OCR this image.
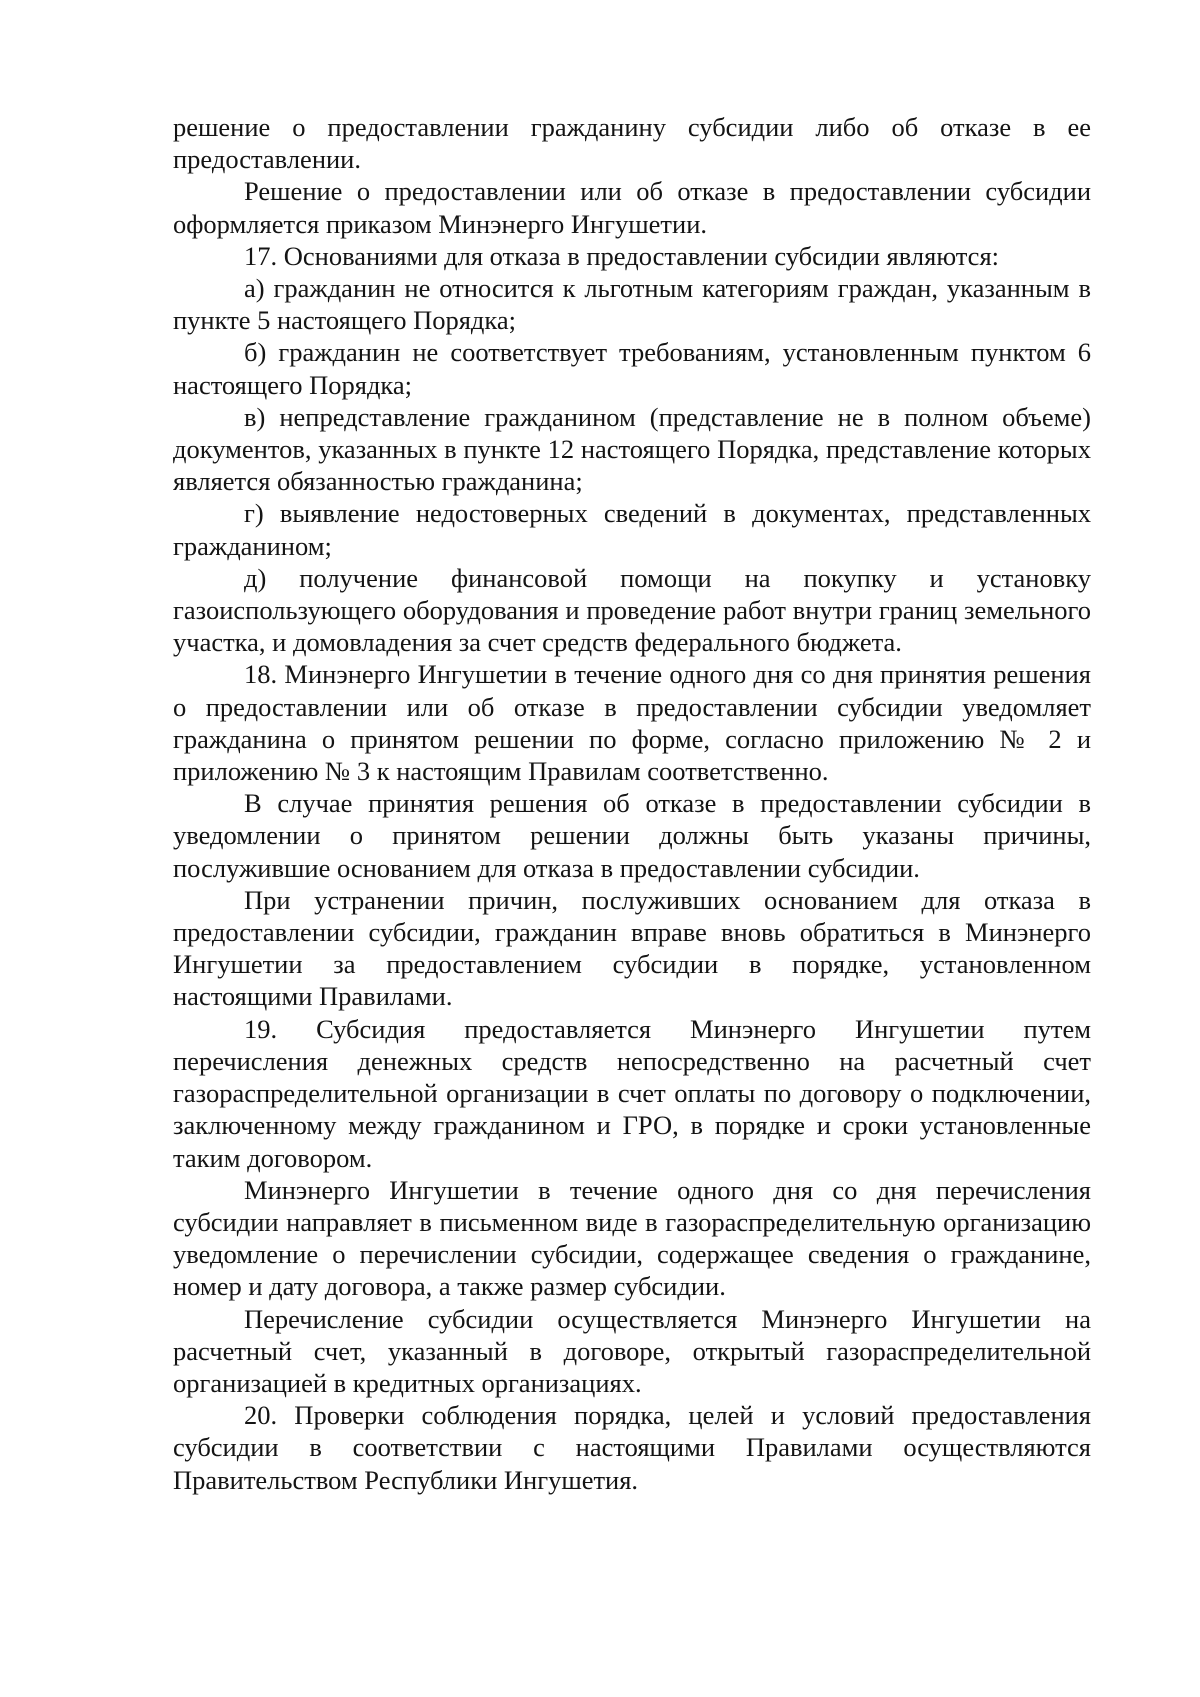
решение о предоставлении гражданину субсидии либо об отказе в ее предоставлении.

Решение о предоставлении или об отказе в предоставлении субсидии оформляется приказом Минэнерго Ингушетии.

17. Основаниями для отказа в предоставлении субсидии являются:

а) гражданин не относится к льготным категориям граждан, указанным в пункте 5 настоящего Порядка;

б) гражданин не соответствует требованиям, установленным пунктом 6 настоящего Порядка;

в) непредставление гражданином (представление не в полном объеме) документов, указанных в пункте 12 настоящего Порядка, представление которых является обязанностью гражданина;

г) выявление недостоверных сведений в документах, представленных гражданином;

д) получение финансовой помощи на покупку и установку газоиспользующего оборудования и проведение работ внутри границ земельного участка, и домовладения за счет средств федерального бюджета.

18. Минэнерго Ингушетии в течение одного дня со дня принятия решения о предоставлении или об отказе в предоставлении субсидии уведомляет гражданина о принятом решении по форме, согласно приложению № 2 и приложению № 3 к настоящим Правилам соответственно.

В случае принятия решения об отказе в предоставлении субсидии в уведомлении о принятом решении должны быть указаны причины, послужившие основанием для отказа в предоставлении субсидии.

При устранении причин, послуживших основанием для отказа в предоставлении субсидии, гражданин вправе вновь обратиться в Минэнерго Ингушетии за предоставлением субсидии в порядке, установленном настоящими Правилами.

19. Субсидия предоставляется Минэнерго Ингушетии путем перечисления денежных средств непосредственно на расчетный счет газораспределительной организации в счет оплаты по договору о подключении, заключенному между гражданином и ГРО, в порядке и сроки установленные таким договором.

Минэнерго Ингушетии в течение одного дня со дня перечисления субсидии направляет в письменном виде в газораспределительную организацию уведомление о перечислении субсидии, содержащее сведения о гражданине, номер и дату договора, а также размер субсидии.

Перечисление субсидии осуществляется Минэнерго Ингушетии на расчетный счет, указанный в договоре, открытый газораспределительной организацией в кредитных организациях.

20. Проверки соблюдения порядка, целей и условий предоставления субсидии в соответствии с настоящими Правилами осуществляются Правительством Республики Ингушетия.
